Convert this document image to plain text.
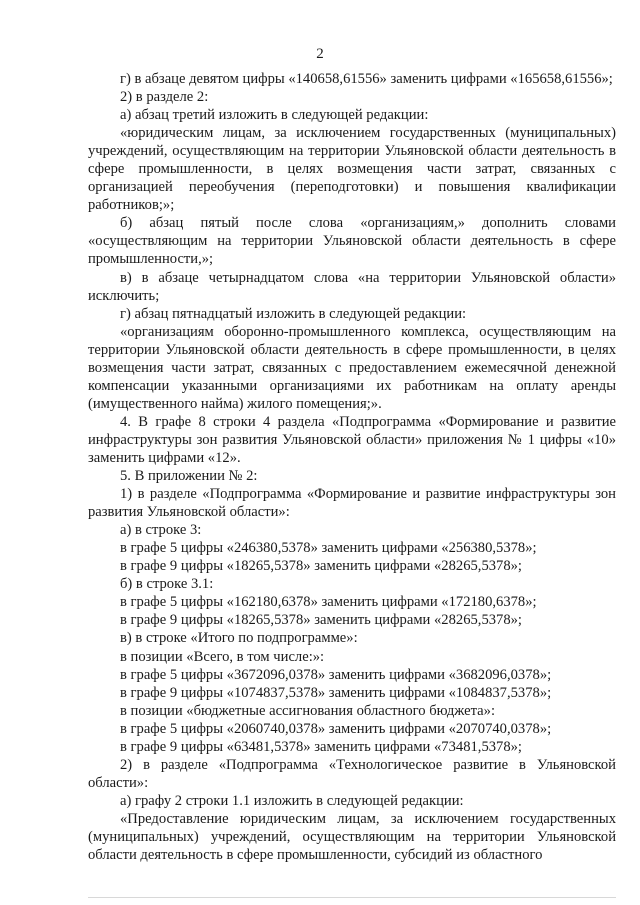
2

г) в абзаце девятом цифры «140658,61556» заменить цифрами «165658,61556»;

2) в разделе 2:

а) абзац третий изложить в следующей редакции:

«юридическим лицам, за исключением государственных (муниципальных) учреждений, осуществляющим на территории Ульяновской области деятельность в сфере промышленности, в целях возмещения части затрат, связанных с организацией переобучения (переподготовки) и повышения квалификации работников;»;

б) абзац пятый после слова «организациям,» дополнить словами «осуществляющим на территории Ульяновской области деятельность в сфере промышленности,»;

в) в абзаце четырнадцатом слова «на территории Ульяновской области» исключить;

г) абзац пятнадцатый изложить в следующей редакции:

«организациям оборонно-промышленного комплекса, осуществляющим на территории Ульяновской области деятельность в сфере промышленности, в целях возмещения части затрат, связанных с предоставлением ежемесячной денежной компенсации указанными организациями их работникам на оплату аренды (имущественного найма) жилого помещения;».

4. В графе 8 строки 4 раздела «Подпрограмма «Формирование и развитие инфраструктуры зон развития Ульяновской области» приложения № 1 цифры «10» заменить цифрами «12».

5. В приложении № 2:

1) в разделе «Подпрограмма «Формирование и развитие инфраструктуры зон развития Ульяновской области»:

а) в строке 3:

в графе 5 цифры «246380,5378» заменить цифрами «256380,5378»;

в графе 9 цифры «18265,5378» заменить цифрами «28265,5378»;

б) в строке 3.1:

в графе 5 цифры «162180,6378» заменить цифрами «172180,6378»;

в графе 9 цифры «18265,5378» заменить цифрами «28265,5378»;

в) в строке «Итого по подпрограмме»:

в позиции «Всего, в том числе:»:

в графе 5 цифры «3672096,0378» заменить цифрами «3682096,0378»;

в графе 9 цифры «1074837,5378» заменить цифрами «1084837,5378»;

в позиции «бюджетные ассигнования областного бюджета»:

в графе 5 цифры «2060740,0378» заменить цифрами «2070740,0378»;

в графе 9 цифры «63481,5378» заменить цифрами «73481,5378»;

2) в разделе «Подпрограмма «Технологическое развитие в Ульяновской области»:

а) графу 2 строки 1.1 изложить в следующей редакции:

«Предоставление юридическим лицам, за исключением государственных (муниципальных) учреждений, осуществляющим на территории Ульяновской области деятельность в сфере промышленности, субсидий из областного
